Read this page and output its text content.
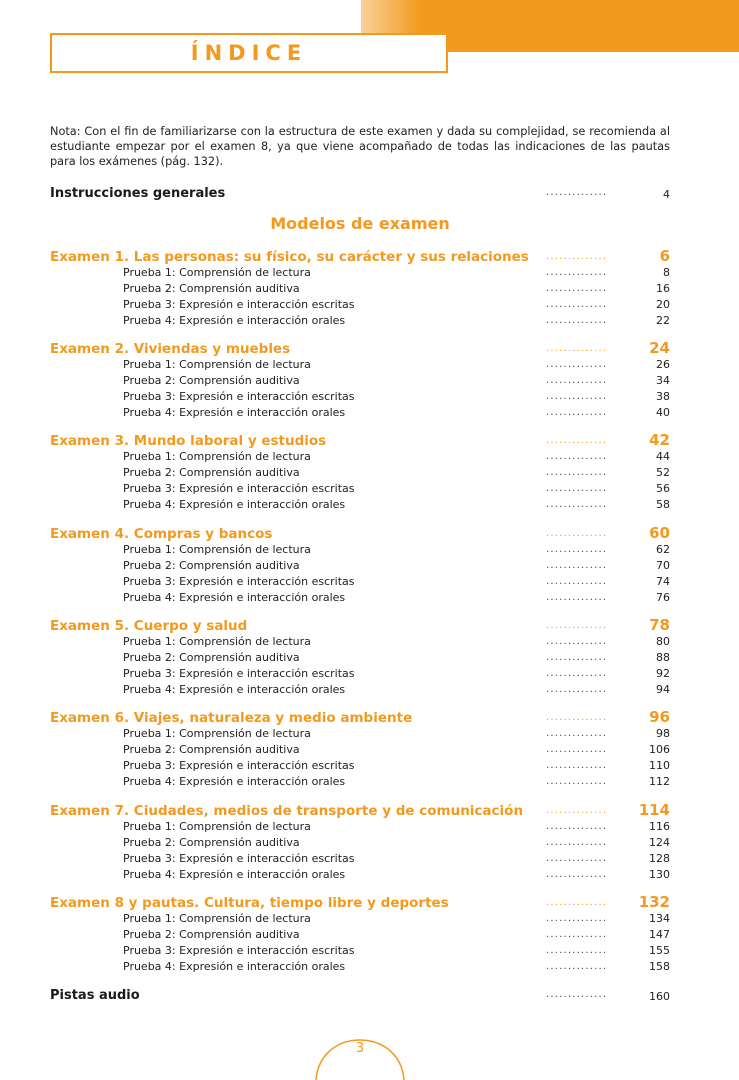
ÍNDICE

Nota: Con el fin de familiarizarse con la estructura de este examen y dada su complejidad, se recomienda al estudiante empezar por el examen 8, ya que viene acompañado de todas las indicaciones de las pautas para los exámenes (pág. 132).

Instrucciones generales	..............	4
Modelos de examen
Examen 1. Las personas: su físico, su carácter y sus relaciones ..............	6
Prueba 1: Comprensión de lectura	..............	8
Prueba 2: Comprensión auditiva	..............	16
Prueba 3: Expresión e interacción escritas	..............	20
Prueba 4: Expresión e interacción orales	..............	22
Examen 2. Viviendas y muebles	..............	24
Prueba 1: Comprensión de lectura	..............	26
Prueba 2: Comprensión auditiva	..............	34
Prueba 3: Expresión e interacción escritas	..............	38
Prueba 4: Expresión e interacción orales	..............	40
Examen 3. Mundo laboral y estudios	..............	42
Prueba 1: Comprensión de lectura	..............	44
Prueba 2: Comprensión auditiva	..............	52
Prueba 3: Expresión e interacción escritas	..............	56
Prueba 4: Expresión e interacción orales	..............	58
Examen 4. Compras y bancos	..............	60
Prueba 1: Comprensión de lectura	..............	62
Prueba 2: Comprensión auditiva	..............	70
Prueba 3: Expresión e interacción escritas	..............	74
Prueba 4: Expresión e interacción orales	..............	76
Examen 5. Cuerpo y salud	..............	78
Prueba 1: Comprensión de lectura	..............	80
Prueba 2: Comprensión auditiva	..............	88
Prueba 3: Expresión e interacción escritas	..............	92
Prueba 4: Expresión e interacción orales	..............	94
Examen 6. Viajes, naturaleza y medio ambiente	..............	96
Prueba 1: Comprensión de lectura	..............	98
Prueba 2: Comprensión auditiva	..............	106
Prueba 3: Expresión e interacción escritas	..............	110
Prueba 4: Expresión e interacción orales	..............	112
Examen 7. Ciudades, medios de transporte y de comunicación ..............	114
Prueba 1: Comprensión de lectura	..............	116
Prueba 2: Comprensión auditiva	..............	124
Prueba 3: Expresión e interacción escritas	..............	128
Prueba 4: Expresión e interacción orales	..............	130
Examen 8 y pautas. Cultura, tiempo libre y deportes	..............	132
Prueba 1: Comprensión de lectura	..............	134
Prueba 2: Comprensión auditiva	..............	147
Prueba 3: Expresión e interacción escritas	..............	155
Prueba 4: Expresión e interacción orales	..............	158
Pistas audio	..............	160
3
